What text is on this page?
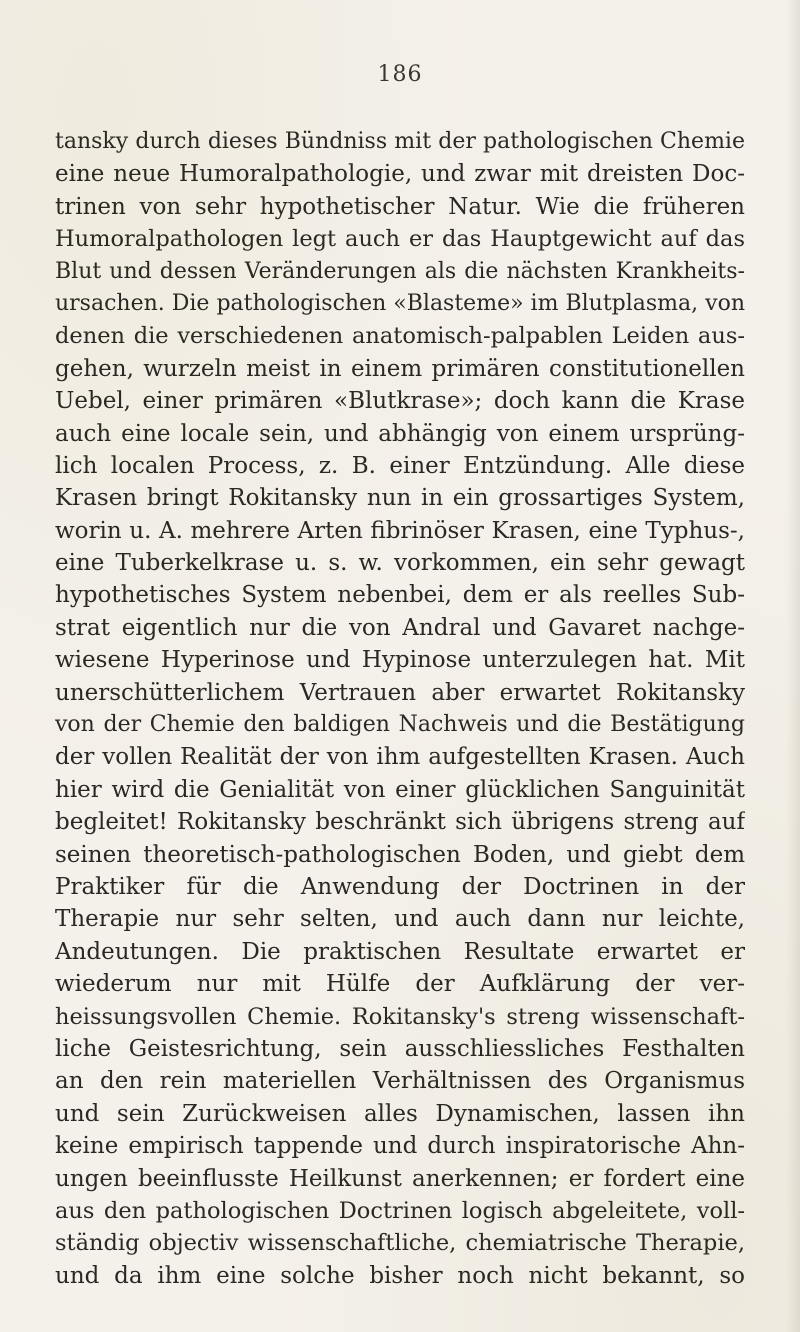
186
tansky durch dieses Bündniss mit der pathologischen Chemie
eine neue Humoralpathologie, und zwar mit dreisten Doc-
trinen von sehr hypothetischer Natur. Wie die früheren
Humoralpathologen legt auch er das Hauptgewicht auf das
Blut und dessen Veränderungen als die nächsten Krankheits-
ursachen. Die pathologischen «Blasteme» im Blutplasma, von
denen die verschiedenen anatomisch-palpablen Leiden aus-
gehen, wurzeln meist in einem primären constitutionellen
Uebel, einer primären «Blutkrase»; doch kann die Krase
auch eine locale sein, und abhängig von einem ursprüng-
lich localen Process, z. B. einer Entzündung. Alle diese
Krasen bringt Rokitansky nun in ein grossartiges System,
worin u. A. mehrere Arten fibrinöser Krasen, eine Typhus-,
eine Tuberkelkrase u. s. w. vorkommen, ein sehr gewagt
hypothetisches System nebenbei, dem er als reelles Sub-
strat eigentlich nur die von Andral und Gavaret nachge-
wiesene Hyperinose und Hypinose unterzulegen hat. Mit
unerschütterlichem Vertrauen aber erwartet Rokitansky
von der Chemie den baldigen Nachweis und die Bestätigung
der vollen Realität der von ihm aufgestellten Krasen. Auch
hier wird die Genialität von einer glücklichen Sanguinität
begleitet! Rokitansky beschränkt sich übrigens streng auf
seinen theoretisch-pathologischen Boden, und giebt dem
Praktiker für die Anwendung der Doctrinen in der
Therapie nur sehr selten, und auch dann nur leichte,
Andeutungen. Die praktischen Resultate erwartet er
wiederum nur mit Hülfe der Aufklärung der ver-
heissungsvollen Chemie. Rokitansky's streng wissenschaft-
liche Geistesrichtung, sein ausschliessliches Festhalten
an den rein materiellen Verhältnissen des Organismus
und sein Zurückweisen alles Dynamischen, lassen ihn
keine empirisch tappende und durch inspiratorische Ahn-
ungen beeinflusste Heilkunst anerkennen; er fordert eine
aus den pathologischen Doctrinen logisch abgeleitete, voll-
ständig objectiv wissenschaftliche, chemiatrische Therapie,
und da ihm eine solche bisher noch nicht bekannt, so
